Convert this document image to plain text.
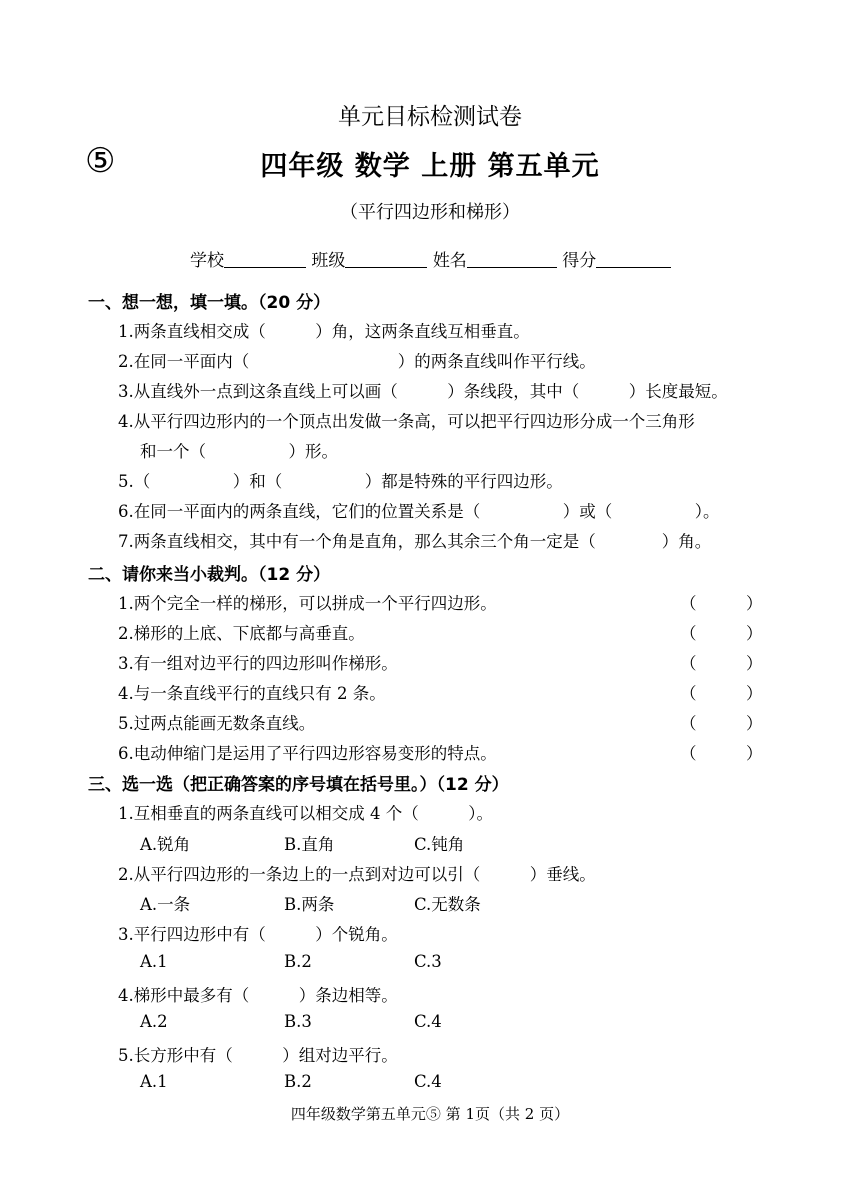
单元目标检测试卷
⑤	四年级 数学 上册 第五单元
（平行四边形和梯形）
学校	班级	姓名	得分
一、想一想，填一填。（20 分）
1.两条直线相交成（　　　）角，这两条直线互相垂直。
2.在同一平面内（　　　　　　　　　）的两条直线叫作平行线。
3.从直线外一点到这条直线上可以画（　　　）条线段，其中（　　　）长度最短。
4.从平行四边形内的一个顶点出发做一条高，可以把平行四边形分成一个三角形
和一个（　　　　　）形。
5.（　　　　　）和（　　　　　）都是特殊的平行四边形。
6.在同一平面内的两条直线，它们的位置关系是（　　　　　）或（　　　　　）。
7.两条直线相交，其中有一个角是直角，那么其余三个角一定是（　　　　）角。
二、请你来当小裁判。（12 分）
1.两个完全一样的梯形，可以拼成一个平行四边形。	（　　　）
2.梯形的上底、下底都与高垂直。	（　　　）
3.有一组对边平行的四边形叫作梯形。	（　　　）
4.与一条直线平行的直线只有 2 条。	（　　　）
5.过两点能画无数条直线。	（　　　）
6.电动伸缩门是运用了平行四边形容易变形的特点。	（　　　）
三、选一选（把正确答案的序号填在括号里。）（12 分）
1.互相垂直的两条直线可以相交成 4 个（　　　）。
A.锐角	B.直角	C.钝角
2.从平行四边形的一条边上的一点到对边可以引（　　　）垂线。
A.一条	B.两条	C.无数条
3.平行四边形中有（　　　）个锐角。
A.1	B.2	C.3
4.梯形中最多有（　　　）条边相等。
A.2	B.3	C.4
5.长方形中有（　　　）组对边平行。
A.1	B.2	C.4
四年级数学第五单元⑤ 第 1页（共 2 页）
